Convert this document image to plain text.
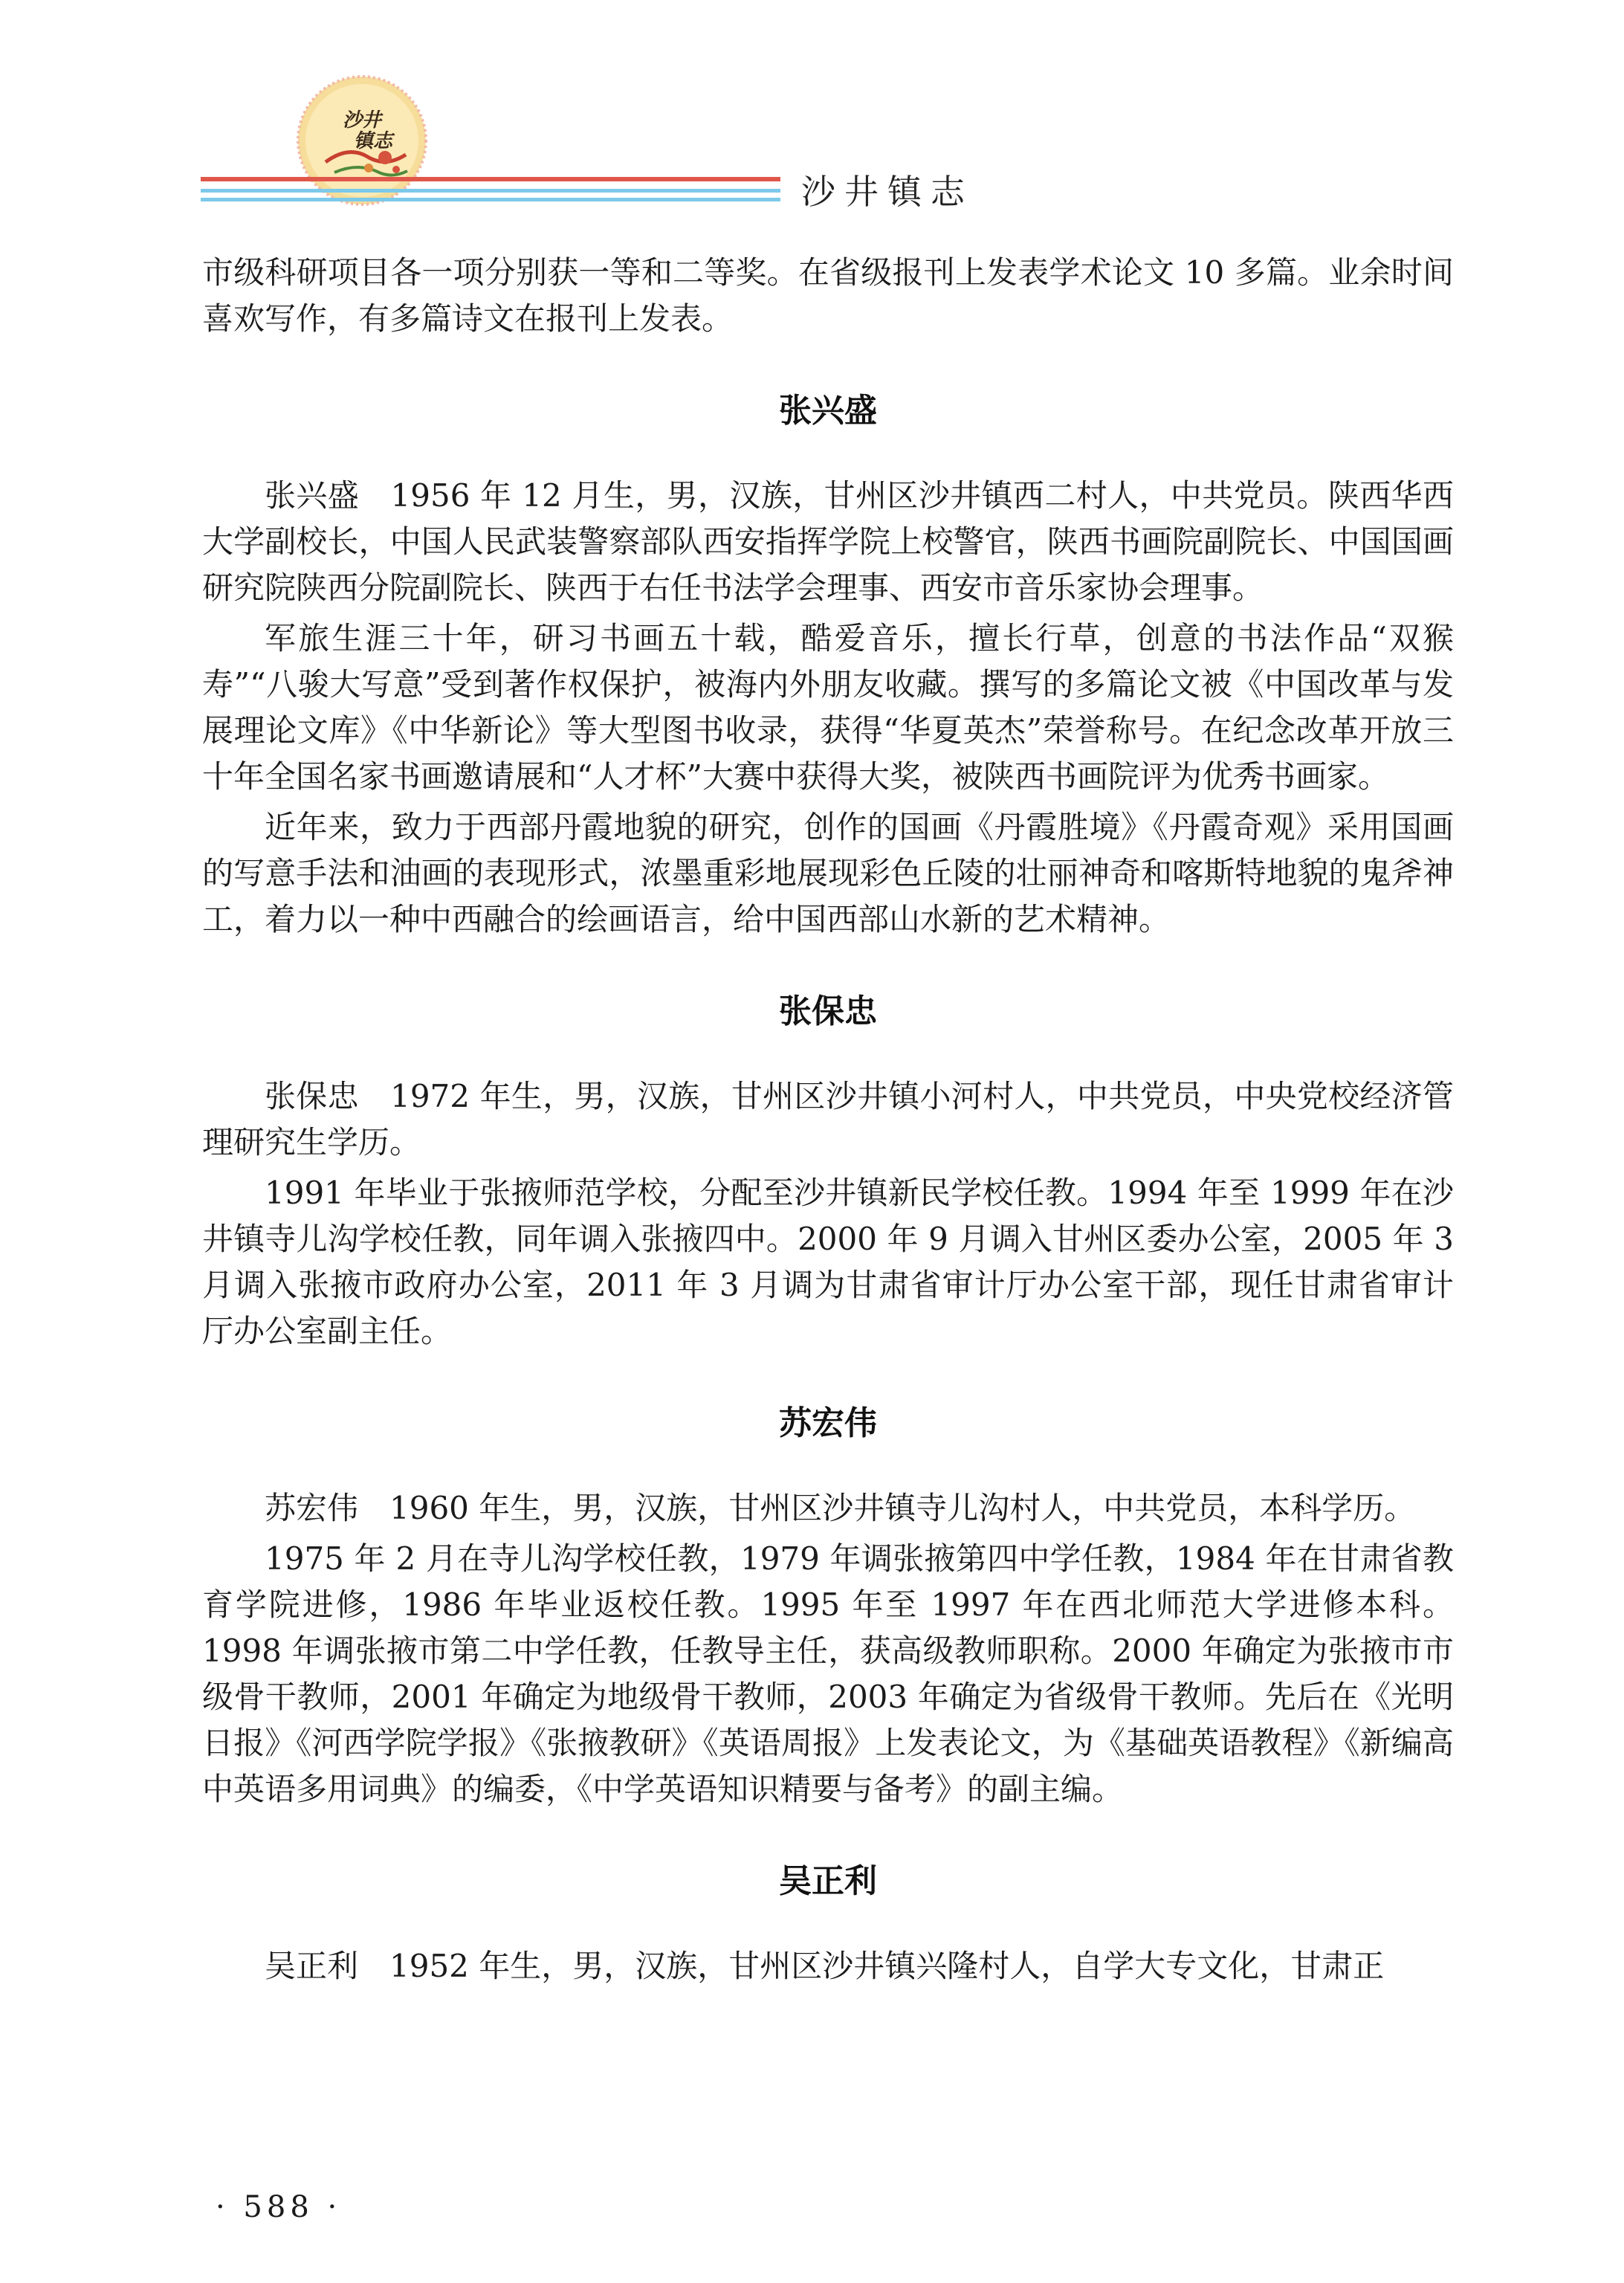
沙井
镇志
沙井镇志

市级科研项目各一项分别获一等和二等奖。在省级报刊上发表学术论文 10 多篇。业余时间喜欢写作，有多篇诗文在报刊上发表。

张兴盛

张兴盛　1956 年 12 月生，男，汉族，甘州区沙井镇西二村人，中共党员。陕西华西大学副校长，中国人民武装警察部队西安指挥学院上校警官，陕西书画院副院长、中国国画研究院陕西分院副院长、陕西于右任书法学会理事、西安市音乐家协会理事。

军旅生涯三十年，研习书画五十载，酷爱音乐，擅长行草，创意的书法作品“双猴寿”“八骏大写意”受到著作权保护，被海内外朋友收藏。撰写的多篇论文被《中国改革与发展理论文库》《中华新论》等大型图书收录，获得“华夏英杰”荣誉称号。在纪念改革开放三十年全国名家书画邀请展和“人才杯”大赛中获得大奖，被陕西书画院评为优秀书画家。

近年来，致力于西部丹霞地貌的研究，创作的国画《丹霞胜境》《丹霞奇观》采用国画的写意手法和油画的表现形式，浓墨重彩地展现彩色丘陵的壮丽神奇和喀斯特地貌的鬼斧神工，着力以一种中西融合的绘画语言，给中国西部山水新的艺术精神。

张保忠

张保忠　1972 年生，男，汉族，甘州区沙井镇小河村人，中共党员，中央党校经济管理研究生学历。

1991 年毕业于张掖师范学校，分配至沙井镇新民学校任教。1994 年至 1999 年在沙井镇寺儿沟学校任教，同年调入张掖四中。2000 年 9 月调入甘州区委办公室，2005 年 3 月调入张掖市政府办公室，2011 年 3 月调为甘肃省审计厅办公室干部，现任甘肃省审计厅办公室副主任。

苏宏伟

苏宏伟　1960 年生，男，汉族，甘州区沙井镇寺儿沟村人，中共党员，本科学历。

1975 年 2 月在寺儿沟学校任教，1979 年调张掖第四中学任教，1984 年在甘肃省教育学院进修，1986 年毕业返校任教。1995 年至 1997 年在西北师范大学进修本科。1998 年调张掖市第二中学任教，任教导主任，获高级教师职称。2000 年确定为张掖市市级骨干教师，2001 年确定为地级骨干教师，2003 年确定为省级骨干教师。先后在《光明日报》《河西学院学报》《张掖教研》《英语周报》上发表论文，为《基础英语教程》《新编高中英语多用词典》的编委，《中学英语知识精要与备考》的副主编。

吴正利

吴正利　1952 年生，男，汉族，甘州区沙井镇兴隆村人，自学大专文化，甘肃正

· 588 ·
